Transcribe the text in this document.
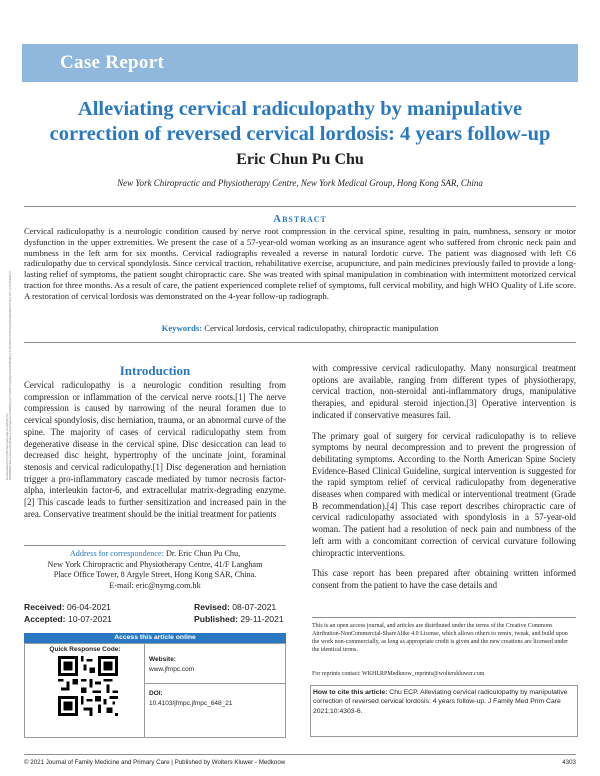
Case Report
Alleviating cervical radiculopathy by manipulative correction of reversed cervical lordosis: 4 years follow-up
Eric Chun Pu Chu
New York Chiropractic and Physiotherapy Centre, New York Medical Group, Hong Kong SAR, China
Abstract
Cervical radiculopathy is a neurologic condition caused by nerve root compression in the cervical spine, resulting in pain, numbness, sensory or motor dysfunction in the upper extremities. We present the case of a 57-year-old woman working as an insurance agent who suffered from chronic neck pain and numbness in the left arm for six months. Cervical radiographs revealed a reverse in natural lordotic curve. The patient was diagnosed with left C6 radiculopathy due to cervical spondylosis. Since cervical traction, rehabilitative exercise, acupuncture, and pain medicines previously failed to provide a long-lasting relief of symptoms, the patient sought chiropractic care. She was treated with spinal manipulation in combination with intermittent motorized cervical traction for three months. As a result of care, the patient experienced complete relief of symptoms, full cervical mobility, and high WHO Quality of Life score. A restoration of cervical lordosis was demonstrated on the 4-year follow-up radiograph.
Keywords: Cervical lordosis, cervical radiculopathy, chiropractic manipulation
Downloaded from http://journals.lww.com/jfmpc by BhDMf5ePHKav1zEoum1tQfN4a+kJLhEZgbsIHo4XMi0hCywCX1AWnYQp/IlQrHD3i3D0OdRyi7TvSFl4Cf3VC4/OAVpDDa8KKGKV0Ymy+78= on 03/19/2024	Introduction

Cervical radiculopathy is a neurologic condition resulting from compression or inflammation of the cervical nerve roots.[1] The nerve compression is caused by narrowing of the neural foramen due to cervical spondylosis, disc herniation, trauma, or an abnormal curve of the spine. The majority of cases of cervical radiculopathy stem from degenerative disease in the cervical spine. Disc desiccation can lead to decreased disc height, hypertrophy of the uncinate joint, foraminal stenosis and cervical radiculopathy.[1] Disc degeneration and herniation trigger a pro-inflammatory cascade mediated by tumor necrosis factor-alpha, interleukin factor-6, and extracellular matrix-degrading enzyme.[2] This cascade leads to further sensitization and increased pain in the area. Conservative treatment should be the initial treatment for patients

with compressive cervical radiculopathy. Many nonsurgical treatment options are available, ranging from different types of physiotherapy, cervical traction, non-steroidal anti-inflammatory drugs, manipulative therapies, and epidural steroid injection.[3] Operative intervention is indicated if conservative measures fail.

The primary goal of surgery for cervical radiculopathy is to relieve symptoms by neural decompression and to prevent the progression of debilitating symptoms. According to the North American Spine Society Evidence-Based Clinical Guideline, surgical intervention is suggested for the rapid symptom relief of cervical radiculopathy from degenerative diseases when compared with medical or interventional treatment (Grade B recommendation).[4] This case report describes chiropractic care of cervical radiculopathy associated with spondylosis in a 57-year-old woman. The patient had a resolution of neck pain and numbness of the left arm with a concomitant correction of cervical curvature following chiropractic interventions.

This case report has been prepared after obtaining written informed consent from the patient to have the case details and

Address for correspondence: Dr. Eric Chun Pu Chu,
New York Chiropractic and Physiotherapy Centre, 41/F Langham
Place Office Tower, 8 Argyle Street, Hong Kong SAR, China.
E-mail: eric@nymg.com.hk
Received: 06-04-2021	Revised: 08-07-2021
Accepted: 10-07-2021	Published: 29-11-2021
Access this article online
Quick Response Code:
Website:
www.jfmpc.com
DOI:
10.4103/jfmpc.jfmpc_648_21
This is an open access journal, and articles are distributed under the terms of the Creative Commons Attribution-NonCommercial-ShareAlike 4.0 License, which allows others to remix, tweak, and build upon the work non-commercially, as long as appropriate credit is given and the new creations are licensed under the identical terms.
For reprints contact: WKHLRPMedknow_reprints@wolterskluwer.com
How to cite this article: Chu ECP. Alleviating cervical radiculopathy by manipulative correction of reversed cervical lordosis: 4 years follow-up. J Family Med Prim Care 2021;10:4303-6.
© 2021 Journal of Family Medicine and Primary Care | Published by Wolters Kluwer - Medknow	4303
